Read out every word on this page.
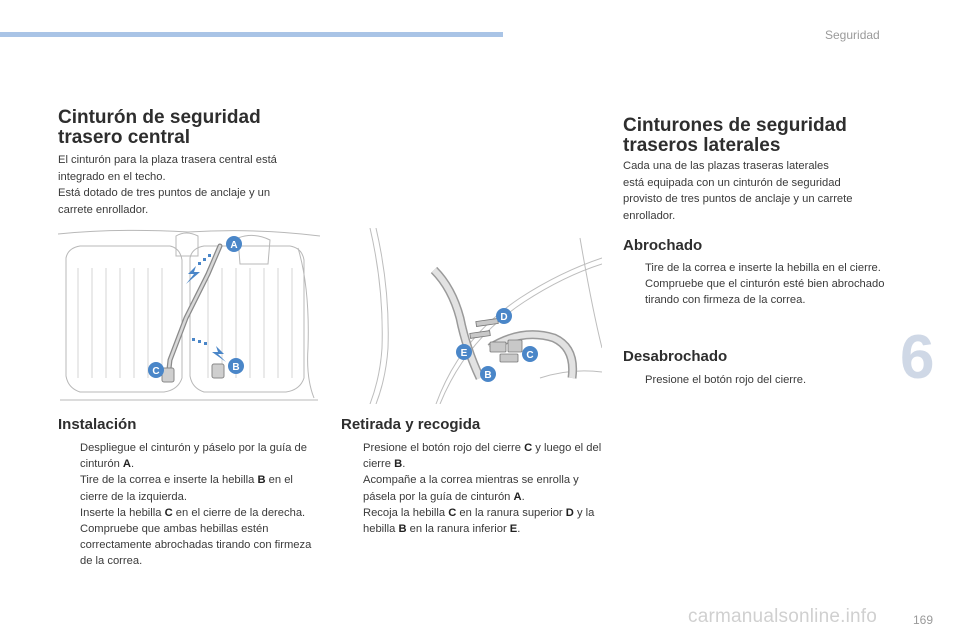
Seguridad
Cinturón de seguridad
trasero central
El cinturón para la plaza trasera central está
integrado en el techo.
Está dotado de tres puntos de anclaje y un
carrete enrollador.
A
B
C
Instalación
Despliegue el cinturón y páselo por la guía de cinturón A.
Tire de la correa e inserte la hebilla B en el cierre de la izquierda.
Inserte la hebilla C en el cierre de la derecha.
Compruebe que ambas hebillas estén correctamente abrochadas tirando con firmeza de la correa.
D
E	C
B
Retirada y recogida
Presione el botón rojo del cierre C y luego el del cierre B.
Acompañe a la correa mientras se enrolla y pásela por la guía de cinturón A.
Recoja la hebilla C en la ranura superior D y la hebilla B en la ranura inferior E.
Cinturones de seguridad
traseros laterales
Cada una de las plazas traseras laterales
está equipada con un cinturón de seguridad
provisto de tres puntos de anclaje y un carrete
enrollador.
Abrochado
Tire de la correa e inserte la hebilla en el cierre.
Compruebe que el cinturón esté bien abrochado tirando con firmeza de la correa.
Desabrochado
Presione el botón rojo del cierre.	6
carmanualsonline.info	169
